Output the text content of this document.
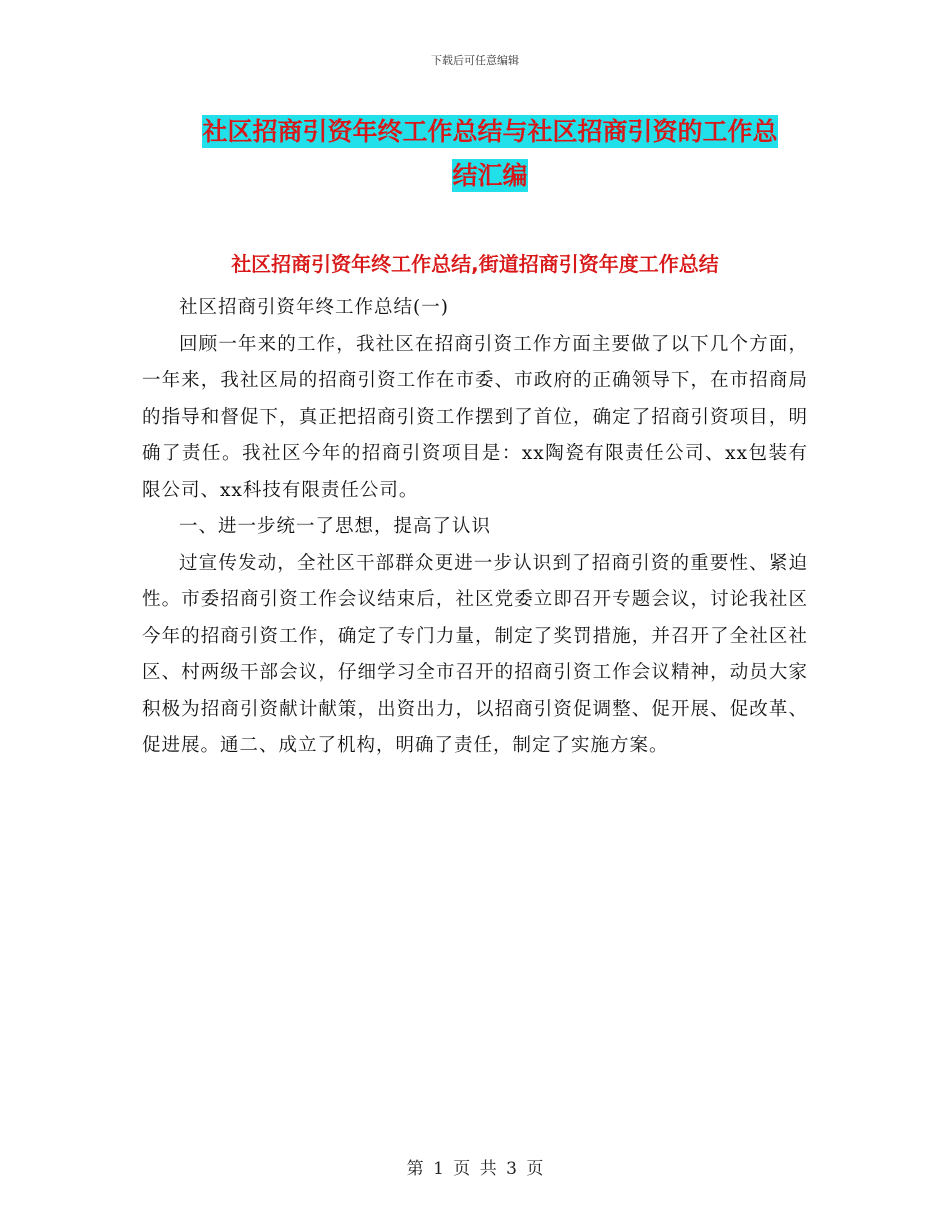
下载后可任意编辑
社区招商引资年终工作总结与社区招商引资的工作总
结汇编
社区招商引资年终工作总结,街道招商引资年度工作总结

社区招商引资年终工作总结(一)

回顾一年来的工作，我社区在招商引资工作方面主要做了以下几个方面，一年来，我社区局的招商引资工作在市委、市政府的正确领导下，在市招商局的指导和督促下，真正把招商引资工作摆到了首位，确定了招商引资项目，明确了责任。我社区今年的招商引资项目是：xx陶瓷有限责任公司、xx包装有限公司、xx科技有限责任公司。

一、进一步统一了思想，提高了认识

过宣传发动，全社区干部群众更进一步认识到了招商引资的重要性、紧迫性。市委招商引资工作会议结束后，社区党委立即召开专题会议，讨论我社区今年的招商引资工作，确定了专门力量，制定了奖罚措施，并召开了全社区社区、村两级干部会议，仔细学习全市召开的招商引资工作会议精神，动员大家积极为招商引资献计献策，出资出力，以招商引资促调整、促开展、促改革、促进展。通二、成立了机构，明确了责任，制定了实施方案。

第 1 页 共 3 页
